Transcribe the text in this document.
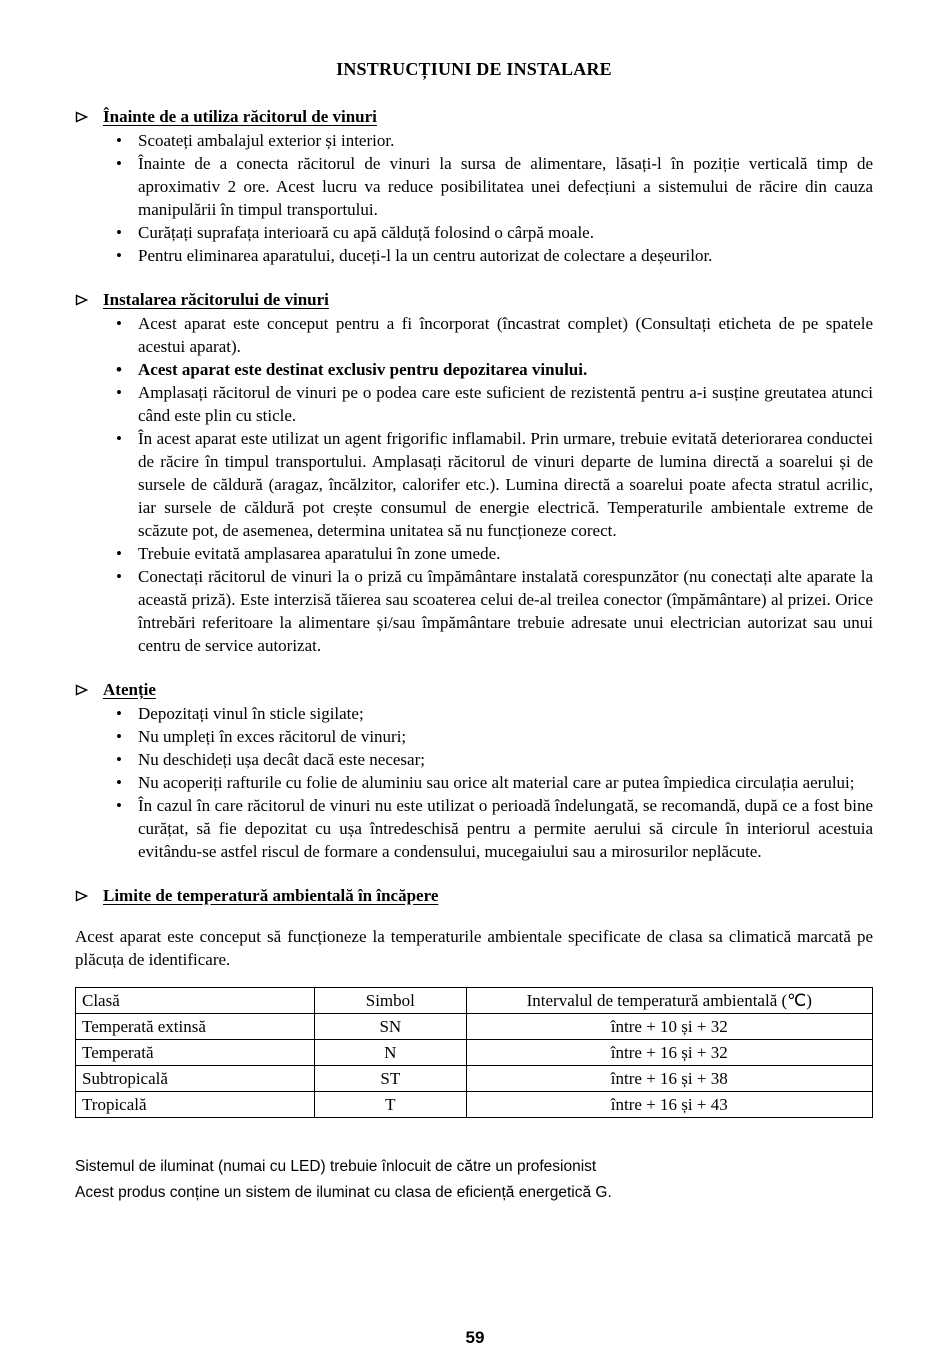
INSTRUCȚIUNI DE INSTALARE
Înainte de a utiliza răcitorul de vinuri
• Scoateți ambalajul exterior și interior.
• Înainte de a conecta răcitorul de vinuri la sursa de alimentare, lăsați-l în poziție verticală timp de aproximativ 2 ore. Acest lucru va reduce posibilitatea unei defecțiuni a sistemului de răcire din cauza manipulării în timpul transportului.
• Curățați suprafața interioară cu apă călduță folosind o cârpă moale.
• Pentru eliminarea aparatului, duceți-l la un centru autorizat de colectare a deșeurilor.
Instalarea răcitorului de vinuri
• Acest aparat este conceput pentru a fi încorporat (încastrat complet) (Consultați eticheta de pe spatele acestui aparat).
• Acest aparat este destinat exclusiv pentru depozitarea vinului.
• Amplasați răcitorul de vinuri pe o podea care este suficient de rezistentă pentru a-i susține greutatea atunci când este plin cu sticle.
• În acest aparat este utilizat un agent frigorific inflamabil. Prin urmare, trebuie evitată deteriorarea conductei de răcire în timpul transportului. Amplasați răcitorul de vinuri departe de lumina directă a soarelui și de sursele de căldură (aragaz, încălzitor, calorifer etc.). Lumina directă a soarelui poate afecta stratul acrilic, iar sursele de căldură pot crește consumul de energie electrică. Temperaturile ambientale extreme de scăzute pot, de asemenea, determina unitatea să nu funcționeze corect.
• Trebuie evitată amplasarea aparatului în zone umede.
• Conectați răcitorul de vinuri la o priză cu împământare instalată corespunzător (nu conectați alte aparate la această priză). Este interzisă tăierea sau scoaterea celui de-al treilea conector (împământare) al prizei. Orice întrebări referitoare la alimentare și/sau împământare trebuie adresate unui electrician autorizat sau unui centru de service autorizat.
Atenție
• Depozitați vinul în sticle sigilate;
• Nu umpleți în exces răcitorul de vinuri;
• Nu deschideți ușa decât dacă este necesar;
• Nu acoperiți rafturile cu folie de aluminiu sau orice alt material care ar putea împiedica circulația aerului;
• În cazul în care răcitorul de vinuri nu este utilizat o perioadă îndelungată, se recomandă, după ce a fost bine curățat, să fie depozitat cu ușa întredeschisă pentru a permite aerului să circule în interiorul acestuia evitându-se astfel riscul de formare a condensului, mucegaiului sau a mirosurilor neplăcute.
Limite de temperatură ambientală în încăpere

Acest aparat este conceput să funcționeze la temperaturile ambientale specificate de clasa sa climatică marcată pe plăcuța de identificare.

Clasă	Simbol	Intervalul de temperatură ambientală (℃)
Temperată extinsă	SN	între + 10 și + 32
Temperată	N	între + 16 și + 32
Subtropicală	ST	între + 16 și + 38
Tropicală	T	între + 16 și + 43
Sistemul de iluminat (numai cu LED) trebuie înlocuit de către un profesionist
Acest produs conține un sistem de iluminat cu clasa de eficiență energetică G.
59
